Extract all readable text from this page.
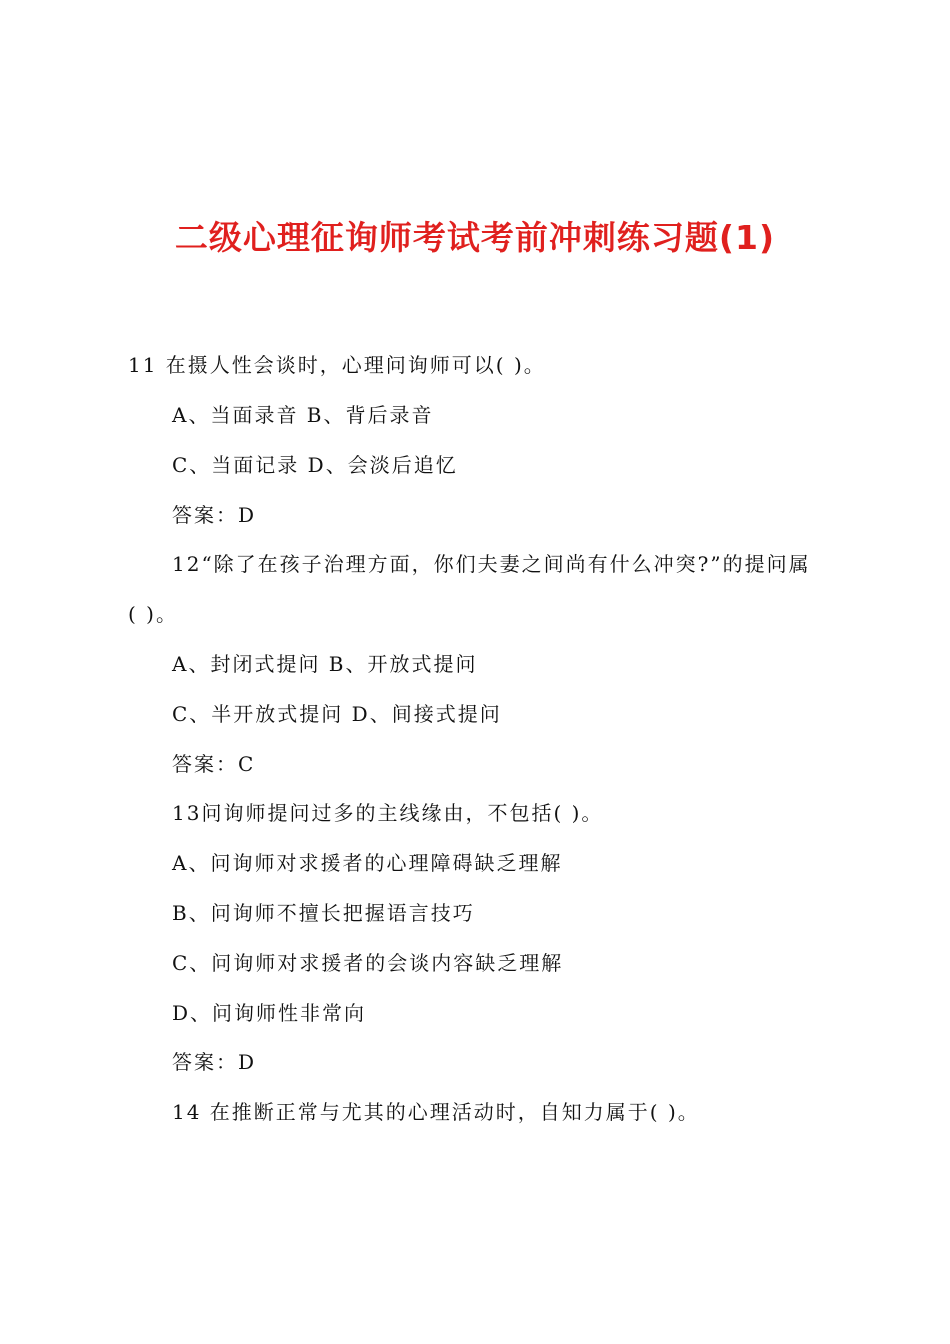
二级心理征询师考试考前冲刺练习题(1)
11 在摄人性会谈时，心理问询师可以( )。
A、当面录音 B、背后录音
C、当面记录 D、会淡后追忆
答案：D
12“除了在孩子治理方面，你们夫妻之间尚有什么冲突?”的提问属
( )。
A、封闭式提问 B、开放式提问
C、半开放式提问 D、间接式提问
答案：C
13问询师提问过多的主线缘由，不包括( )。
A、问询师对求援者的心理障碍缺乏理解
B、问询师不擅长把握语言技巧
C、问询师对求援者的会谈内容缺乏理解
D、问询师性非常向
答案：D
14 在推断正常与尤其的心理活动时，自知力属于( )。
